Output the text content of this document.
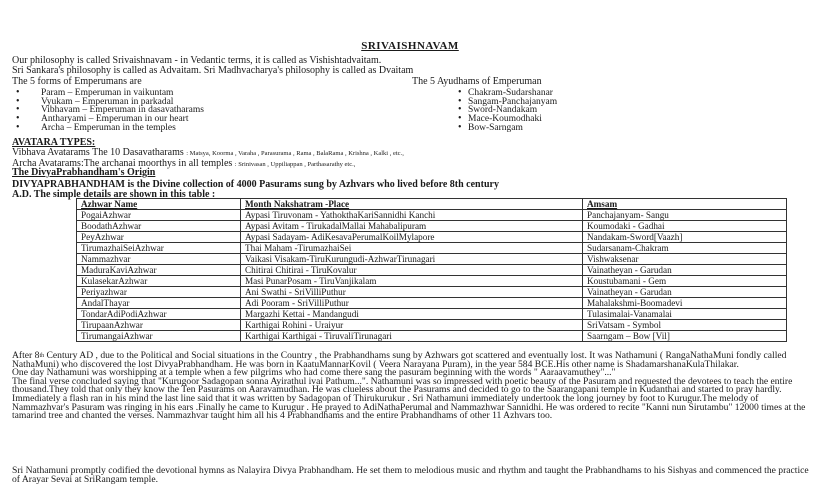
SRIVAISHNAVAM

Our philosophy is called Srivaishnavam - in Vedantic terms, it is called as Vishishtadvaitam.

Sri Sankara's philosophy is called as Advaitam. Sri Madhvacharya's philosophy is called as Dvaitam

The 5 forms of Emperumans are
• Param – Emperuman in vaikuntam
• Vyukam – Emperuman in parkadal
• Vibhavam – Emperuman in dasavatharams
• Antharyami – Emperuman in our heart
• Archa – Emperuman in the temples
The 5 Ayudhams of Emperuman
• Chakram-Sudarshanar
• Sangam-Panchajanyam
• Sword-Nandakam
• Mace-Koumodhaki
• Bow-Sarngam
AVATARA TYPES:
Vibhava Avatarams The 10 Dasavatharams : Matsya, Koorma , Varaha , Parasurama , Rama , BalaRama , Krishna , Kalki , etc.,
Archa Avatarams:The archanai moorthys in all temples : Srinivasan , Uppiliappan , Parthasarathy etc.,
The DivyaPrabhandham's Origin
DIVYAPRABHANDHAM is the Divine collection of 4000 Pasurams sung by Azhvars who lived before 8th century
A.D. The simple details are shown in this table :
Azhwar Name	Month Nakshatram -Place	Amsam
PogaiAzhwar	Aypasi Tiruvonam - YathokthaKariSannidhi Kanchi	Panchajanyam- Sangu
BoodathAzhwar	Aypasi Avitam - TirukadalMallai Mahabalipuram	Koumodaki - Gadhai
PeyAzhwar	Aypasi Sadayam- AdiKesavaPerumalKoilMylapore	Nandakam-Sword[Vaazh]
TirumazhaiSeiAzhwar	Thai Maham -TirumazhaiSei	Sudarsanam-Chakram
Nammazhvar	Vaikasi Visakam-TiruKurungudi-AzhwarTirunagari	Vishwaksenar
MaduraKaviAzhwar	Chitirai Chitirai - TiruKovalur	Vainatheyan - Garudan
KulasekarAzhwar	Masi PunarPosam - TiruVanjikalam	Koustubamani - Gem
Periyazhwar	Ani Swathi - SriVilliPuthur	Vainatheyan - Garudan
AndalThayar	Adi Pooram - SriVilliPuthur	Mahalakshmi-Boomadevi
TondarAdiPodiAzhwar	Margazhi Kettai - Mandangudi	Tulasimalai-Vanamalai
TirupaanAzhwar	Karthigai Rohini - Uraiyur	SriVatsam - Symbol
TirumangaiAzhwar	Karthigai Karthigai - TiruvaliTirunagari	Saarngam – Bow [Vil]

After 8th Century AD , due to the Political and Social situations in the Country , the Prabhandhams sung by Azhwars got scattered and eventually lost. It was Nathamuni ( RangaNathaMuni fondly called NathaMuni) who discovered the lost DivyaPrabhandham. He was born in KaatuMannarKovil ( Veera Narayana Puram), in the year 584 BCE.His other name is ShadamarshanaKulaThilakar.

One day Nathamuni was worshipping at a temple when a few pilgrims who had come there sang the pasuram beginning with the words " Aaraavamuthey"..."

The final verse concluded saying that "Kurugoor Sadagopan sonna Ayirathul ivai Pathum...". Nathamuni was so impressed with poetic beauty of the Pasuram and requested the devotees to teach the entire thousand.They told that only they know the Ten Pasurams on Aaravamudhan. He was clueless about the Pasurams and decided to go to the Saarangapani temple in Kudanthai and started to pray hardly. Immediately a flash ran in his mind the last line said that it was written by Sadagopan of Thirukurukur . Sri Nathamuni immediately undertook the long journey by foot to Kurugur.The melody of Nammazhvar's Pasuram was ringing in his ears .Finally he came to Kurugur . He prayed to AdiNathaPerumal and Nammazhwar Sannidhi. He was ordered to recite "Kanni nun Sirutambu" 12000 times at the tamarind tree and chanted the verses. Nammazhvar taught him all his 4 Prabhandhams and the entire Prabhandhams of other 11 Azhvars too.

Sri Nathamuni promptly codified the devotional hymns as Nalayira Divya Prabhandham. He set them to melodious music and rhythm and taught the Prabhandhams to his Sishyas and commenced the practice of Arayar Sevai at SriRangam temple.
